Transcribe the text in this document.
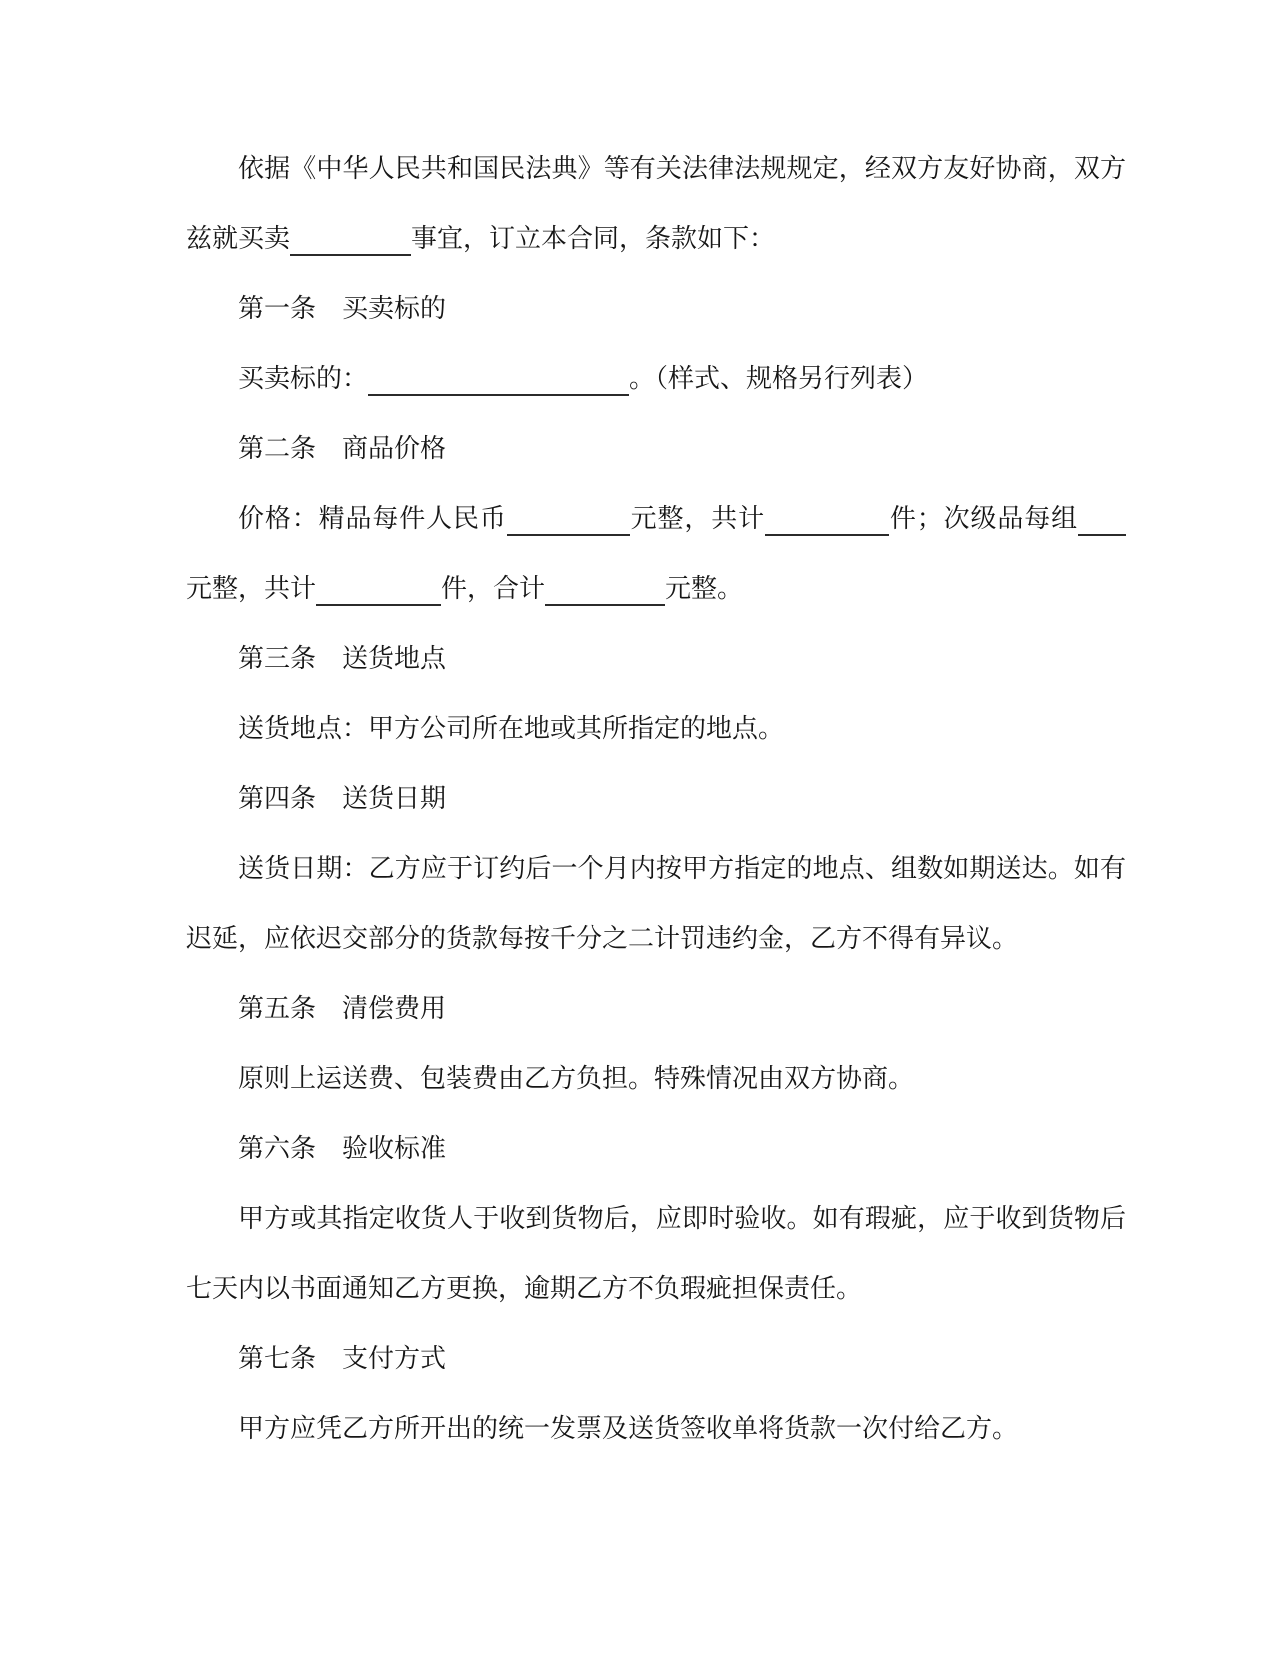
依据《中华人民共和国民法典》等有关法律法规规定，经双方友好协商，双方兹就买卖	事宜，订立本合同，条款如下：

第一条　买卖标的

买卖标的：	。（样式、规格另行列表）

第二条　商品价格

价格：精品每件人民币	元整，共计	件；次级品每组元整，共计	件，合计	元整。

第三条　送货地点

送货地点：甲方公司所在地或其所指定的地点。

第四条　送货日期

送货日期：乙方应于订约后一个月内按甲方指定的地点、组数如期送达。如有迟延，应依迟交部分的货款每按千分之二计罚违约金，乙方不得有异议。

第五条　清偿费用

原则上运送费、包装费由乙方负担。特殊情况由双方协商。

第六条　验收标准

甲方或其指定收货人于收到货物后，应即时验收。如有瑕疵，应于收到货物后七天内以书面通知乙方更换，逾期乙方不负瑕疵担保责任。

第七条　支付方式

甲方应凭乙方所开出的统一发票及送货签收单将货款一次付给乙方。
